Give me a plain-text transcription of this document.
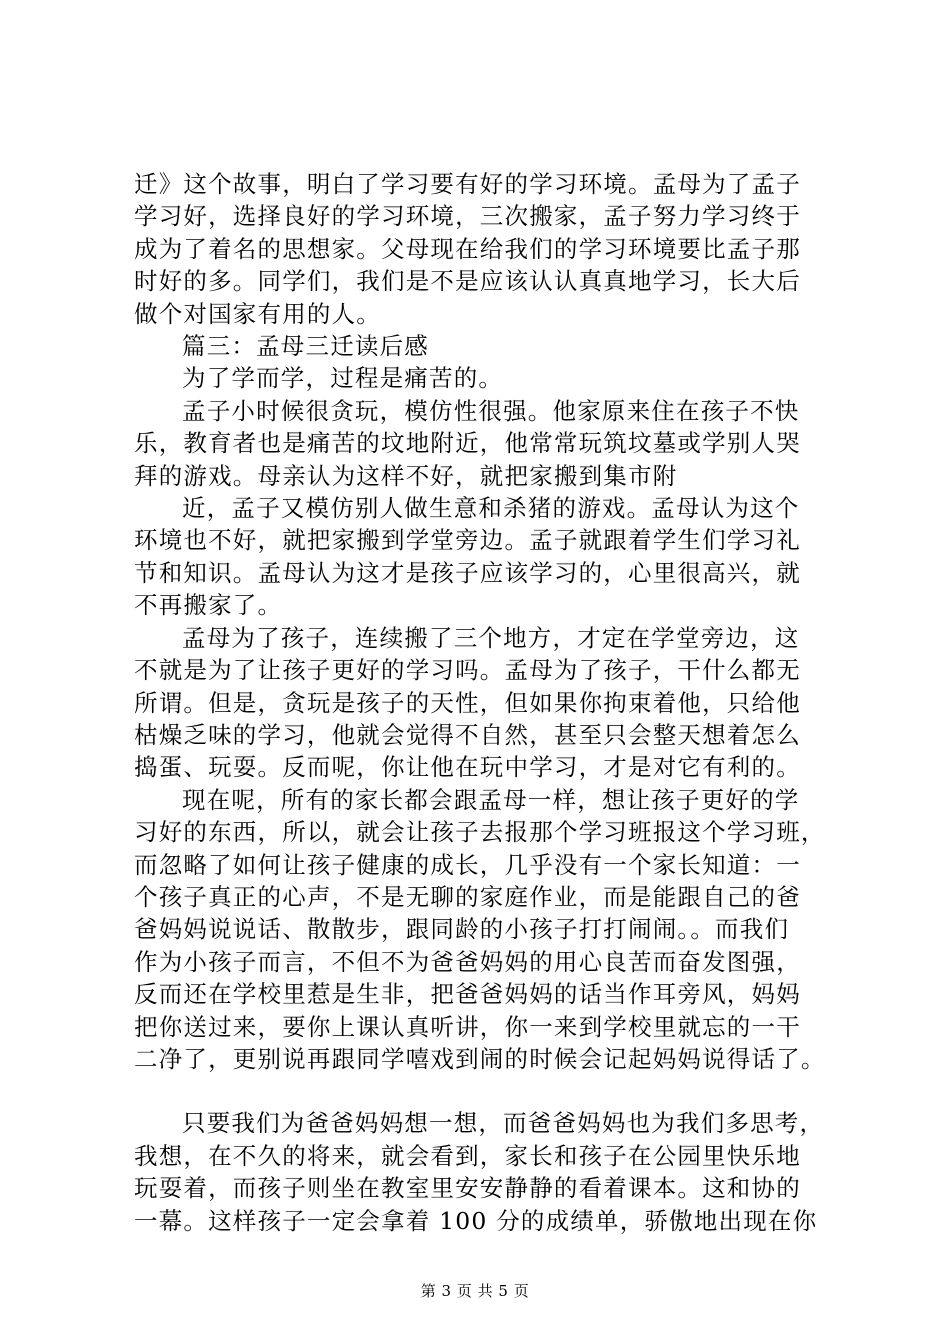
迁》这个故事，明白了学习要有好的学习环境。孟母为了孟子
学习好，选择良好的学习环境，三次搬家，孟子努力学习终于
成为了着名的思想家。父母现在给我们的学习环境要比孟子那
时好的多。同学们，我们是不是应该认认真真地学习，长大后
做个对国家有用的人。

篇三：孟母三迁读后感

为了学而学，过程是痛苦的。

孟子小时候很贪玩，模仿性很强。他家原来住在孩子不快
乐，教育者也是痛苦的坟地附近，他常常玩筑坟墓或学别人哭
拜的游戏。母亲认为这样不好，就把家搬到集市附

近，孟子又模仿别人做生意和杀猪的游戏。孟母认为这个
环境也不好，就把家搬到学堂旁边。孟子就跟着学生们学习礼
节和知识。孟母认为这才是孩子应该学习的，心里很高兴，就
不再搬家了。

孟母为了孩子，连续搬了三个地方，才定在学堂旁边，这
不就是为了让孩子更好的学习吗。孟母为了孩子，干什么都无
所谓。但是，贪玩是孩子的天性，但如果你拘束着他，只给他
枯燥乏味的学习，他就会觉得不自然，甚至只会整天想着怎么
捣蛋、玩耍。反而呢，你让他在玩中学习，才是对它有利的。

现在呢，所有的家长都会跟孟母一样，想让孩子更好的学
习好的东西，所以，就会让孩子去报那个学习班报这个学习班，
而忽略了如何让孩子健康的成长，几乎没有一个家长知道：一
个孩子真正的心声，不是无聊的家庭作业，而是能跟自己的爸
爸妈妈说说话、散散步，跟同龄的小孩子打打闹闹。。而我们
作为小孩子而言，不但不为爸爸妈妈的用心良苦而奋发图强，
反而还在学校里惹是生非，把爸爸妈妈的话当作耳旁风，妈妈
把你送过来，要你上课认真听讲，你一来到学校里就忘的一干
二净了，更别说再跟同学嘻戏到闹的时候会记起妈妈说得话了。

只要我们为爸爸妈妈想一想，而爸爸妈妈也为我们多思考，
我想，在不久的将来，就会看到，家长和孩子在公园里快乐地
玩耍着，而孩子则坐在教室里安安静静的看着课本。这和协的
一幕。这样孩子一定会拿着 100 分的成绩单，骄傲地出现在你

第 3 页 共 5 页
